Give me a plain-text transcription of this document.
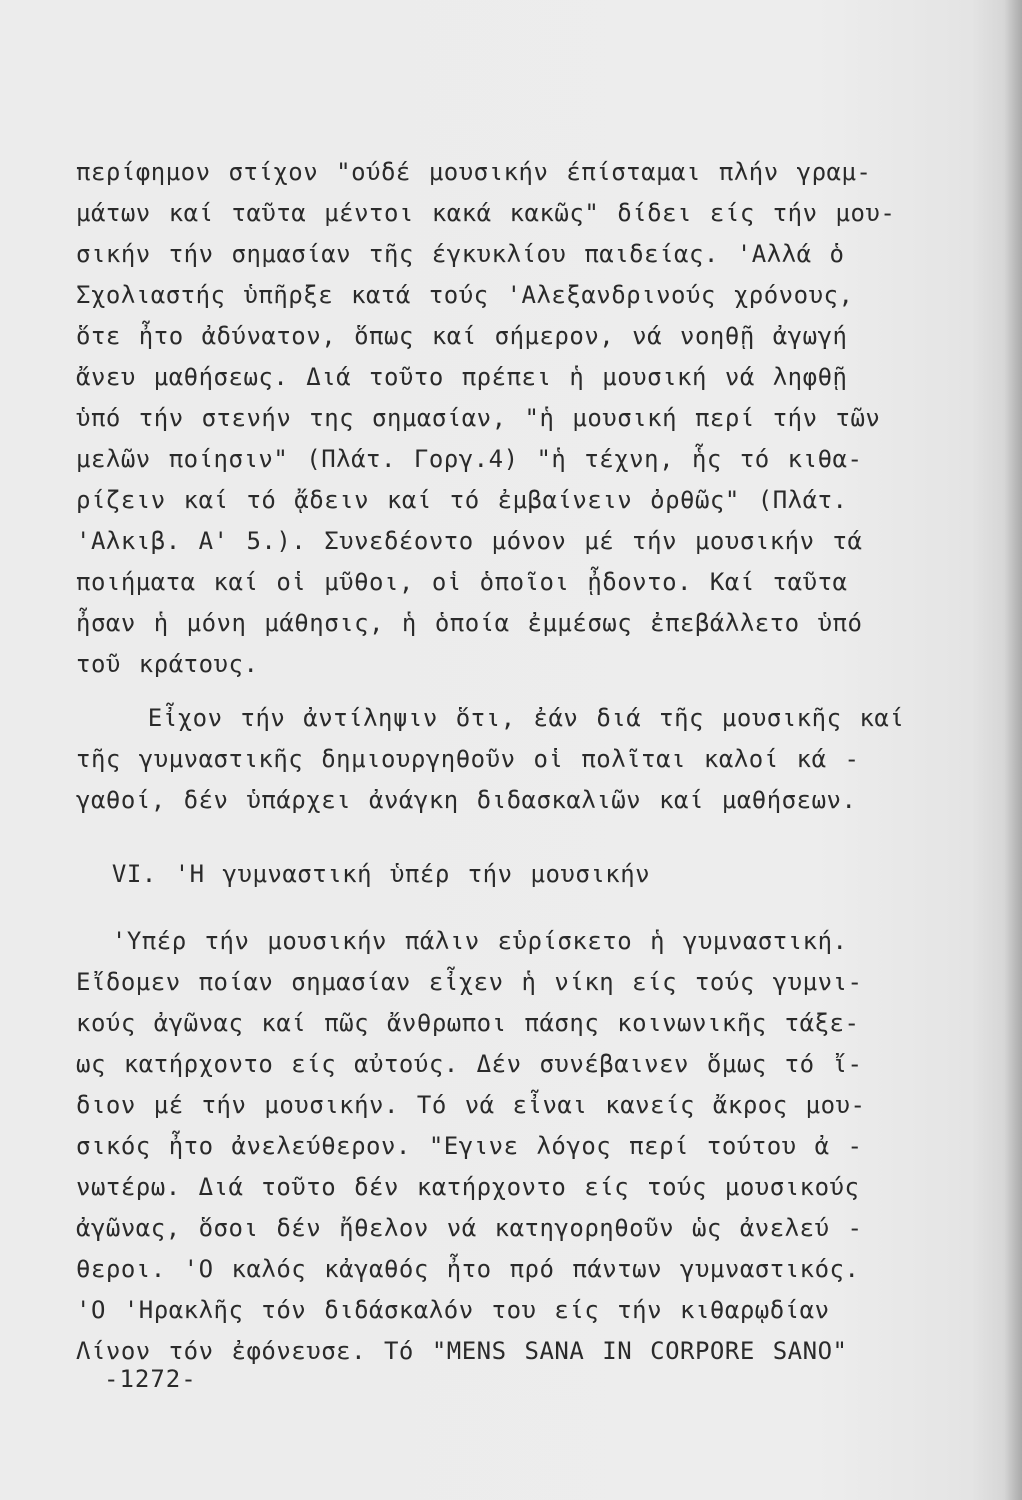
περίφημον στίχον "ούδέ μουσικήν έπίσταμαι πλήν γραμ-
μάτων καί ταῦτα μέντοι κακά κακῶς" δίδει είς τήν μου-
σικήν τήν σημασίαν τῆς έγκυκλίου παιδείας. 'Αλλά ὁ
Σχολιαστής ὑπῆρξε κατά τούς 'Αλεξανδρινούς χρόνους,
ὅτε ἦτο ἀδύνατον, ὅπως καί σήμερον, νά νοηθῇ ἀγωγή
ἄνευ μαθήσεως. Διά τοῦτο πρέπει ἡ μουσική νά ληφθῇ
ὑπό τήν στενήν της σημασίαν, "ἡ μουσική περί τήν τῶν
μελῶν ποίησιν" (Πλάτ. Γοργ.4) "ἡ τέχνη, ἧς τό κιθα-
ρίζειν καί τό ᾄδειν καί τό ἐμβαίνειν ὀρθῶς" (Πλάτ.
'Αλκιβ. Α' 5.). Συνεδέοντο μόνον μέ τήν μουσικήν τά
ποιήματα καί οἱ μῦθοι, οἱ ὁποῖοι ᾖδοντο. Καί ταῦτα
ἦσαν ἡ μόνη μάθησις, ἡ ὁποία ἐμμέσως ἐπεβάλλετο ὑπό
τοῦ κράτους.
Εἶχον τήν ἀντίληψιν ὅτι, ἐάν διά τῆς μουσικῆς καί
τῆς γυμναστικῆς δημιουργηθοῦν οἱ πολῖται καλοί κά -
γαθοί, δέν ὑπάρχει ἀνάγκη διδασκαλιῶν καί μαθήσεων.
VI. 'Η γυμναστική ὑπέρ τήν μουσικήν
'Υπέρ τήν μουσικήν πάλιν εὑρίσκετο ἡ γυμναστική.
Εἴδομεν ποίαν σημασίαν εἶχεν ἡ νίκη είς τούς γυμνι-
κούς ἀγῶνας καί πῶς ἄνθρωποι πάσης κοινωνικῆς τάξε-
ως κατήρχοντο είς αὐτούς. Δέν συνέβαινεν ὅμως τό ἴ-
διον μέ τήν μουσικήν. Τό νά εἶναι κανείς ἄκρος μου-
σικός ἦτο ἀνελεύθερον. "Εγινε λόγος περί τούτου ἀ -
νωτέρω. Διά τοῦτο δέν κατήρχοντο είς τούς μουσικούς
ἀγῶνας, ὅσοι δέν ἤθελον νά κατηγορηθοῦν ὡς ἀνελεύ -
θεροι. 'Ο καλός κἀγαθός ἦτο πρό πάντων γυμναστικός.
'Ο 'Ηρακλῆς τόν διδάσκαλόν του είς τήν κιθαρῳδίαν
Λίνον τόν ἐφόνευσε. Τό "MENS SANA IN CORPORE SANO"
-1272-
